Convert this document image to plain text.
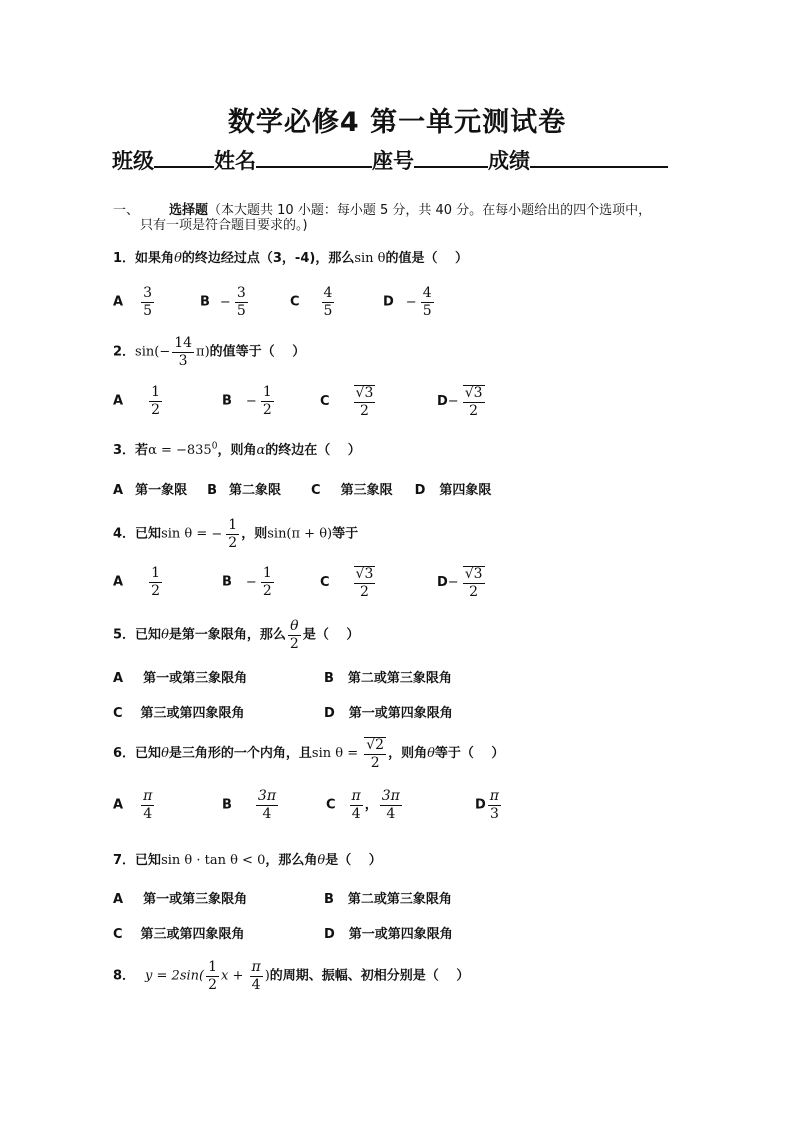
数学必修4 第一单元测试卷
班级	姓名	座号	成绩
一、 选择题（本大题共 10 小题：每小题 5 分，共 40 分。在每小题给出的四个选项中，
只有一项是符合题目要求的。)
1．如果角θ的终边经过点（3，-4)，那么sin θ的值是（　 ）
A $\frac{3}{5}$	$B - \frac{3}{5}$	C $\frac{4}{5}$	$D - \frac{4}{5}$
2．$\sin(- \frac{14}{3} \pi)$的值等于（　 ）
A $\frac{1}{2}$	$B - \frac{1}{2}$	C $\frac{√3}{2}$	$D- \frac{√3}{2}$
3．若$\alpha = -835^0$，则角α的终边在（　 ）
A 第一象限 B 第二象限 C 第三象限 D 第四象限
4．已知sin θ = − $\frac{1}{2}$ ，则sin(π + θ)等于
A $\frac{1}{2}$	$B - \frac{1}{2}$	C $\frac{√3}{2}$	$D- \frac{√3}{2}$
5．已知θ是第一象限角，那么 $\frac{\theta}{2}$ 是（　 ）
A 第一或第三象限角	B 第二或第三象限角
C 第三或第四象限角	D 第一或第四象限角
6．已知θ是三角形的一个内角，且$\sin \theta = \frac{√2}{2}$ ，则角θ等于（　 ）
A $\frac{\pi}{4}$	B $\frac{3\pi}{4}$	C $\frac{\pi}{4}$ ， $\frac{3\pi}{4}$	D $\frac{\pi}{3}$
7．已知sin θ · tan θ < 0，那么角θ是（　 ）
A 第一或第三象限角	B 第二或第三象限角
C 第三或第四象限角	D 第一或第四象限角
8． $y = 2\sin( \frac{1}{2}$ $x + \frac{\pi}{4}$ )的周期、振幅、初相分别是（　 ）
